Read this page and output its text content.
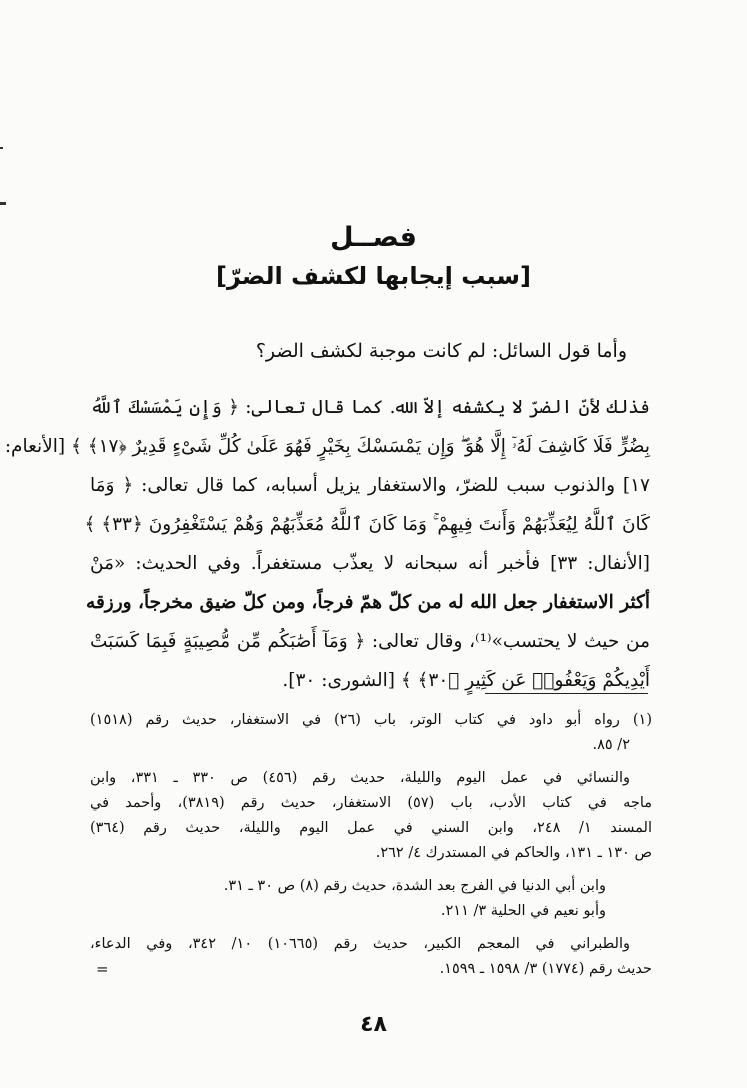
فصــل
[سبب إيجابها لكشف الضرّ]
وأما قول السائل: لم كانت موجبة لكشف الضر؟
فذلك لأنّ الضرّ لا يكشفه إلاّ الله. كما قال تعالى: ﴿ وَإِن يَمْسَسْكَ ٱللَّهُ
بِضُرٍّ فَلَا كَاشِفَ لَهُۥٓ إِلَّا هُوَ ۖ وَإِن يَمْسَسْكَ بِخَيْرٍ فَهُوَ عَلَىٰ كُلِّ شَىْءٍ قَدِيرٌ ﴿١٧﴾ ﴾ [الأنعام:
١٧] والذنوب سبب للضرّ، والاستغفار يزيل أسبابه، كما قال تعالى: ﴿ وَمَا
كَانَ ٱللَّهُ لِيُعَذِّبَهُمْ وَأَنتَ فِيهِمْ ۚ وَمَا كَانَ ٱللَّهُ مُعَذِّبَهُمْ وَهُمْ يَسْتَغْفِرُونَ ﴿٣٣﴾ ﴾
[الأنفال: ٣٣] فأخبر أنه سبحانه لا يعذّب مستغفراً. وفي الحديث: «مَنْ
أكثر الاستغفار جعل الله له من كلّ همّ فرجاً، ومن كلّ ضيق مخرجاً، ورزقه
من حيث لا يحتسب»⁽¹⁾، وقال تعالى: ﴿ وَمَآ أَصَٰبَكُم مِّن مُّصِيبَةٍ فَبِمَا كَسَبَتْ
أَيْدِيكُمْ وَيَعْفُوا۟ عَن كَثِيرٍ ﴿٣٠﴾ ﴾ [الشورى: ٣٠].
(١) رواه أبو داود في كتاب الوتر، باب (٢٦) في الاستغفار، حديث رقم (١٥١٨)
٢/ ٨٥.
والنسائي في عمل اليوم والليلة، حديث رقم (٤٥٦) ص ٣٣٠ ـ ٣٣١، وابن
ماجه في كتاب الأدب، باب (٥٧) الاستغفار، حديث رقم (٣٨١٩)، وأحمد في
المسند ١/ ٢٤٨، وابن السني في عمل اليوم والليلة، حديث رقم (٣٦٤)
ص ١٣٠ ـ ١٣١، والحاكم في المستدرك ٤/ ٢٦٢.
وابن أبي الدنيا في الفرج بعد الشدة، حديث رقم (٨) ص ٣٠ ـ ٣١.
وأبو نعيم في الحلية ٣/ ٢١١.
والطبراني في المعجم الكبير، حديث رقم (١٠٦٦٥) ١٠/ ٣٤٢، وفي الدعاء،
حديث رقم (١٧٧٤) ٣/ ١٥٩٨ ـ ١٥٩٩.
=
٤٨
